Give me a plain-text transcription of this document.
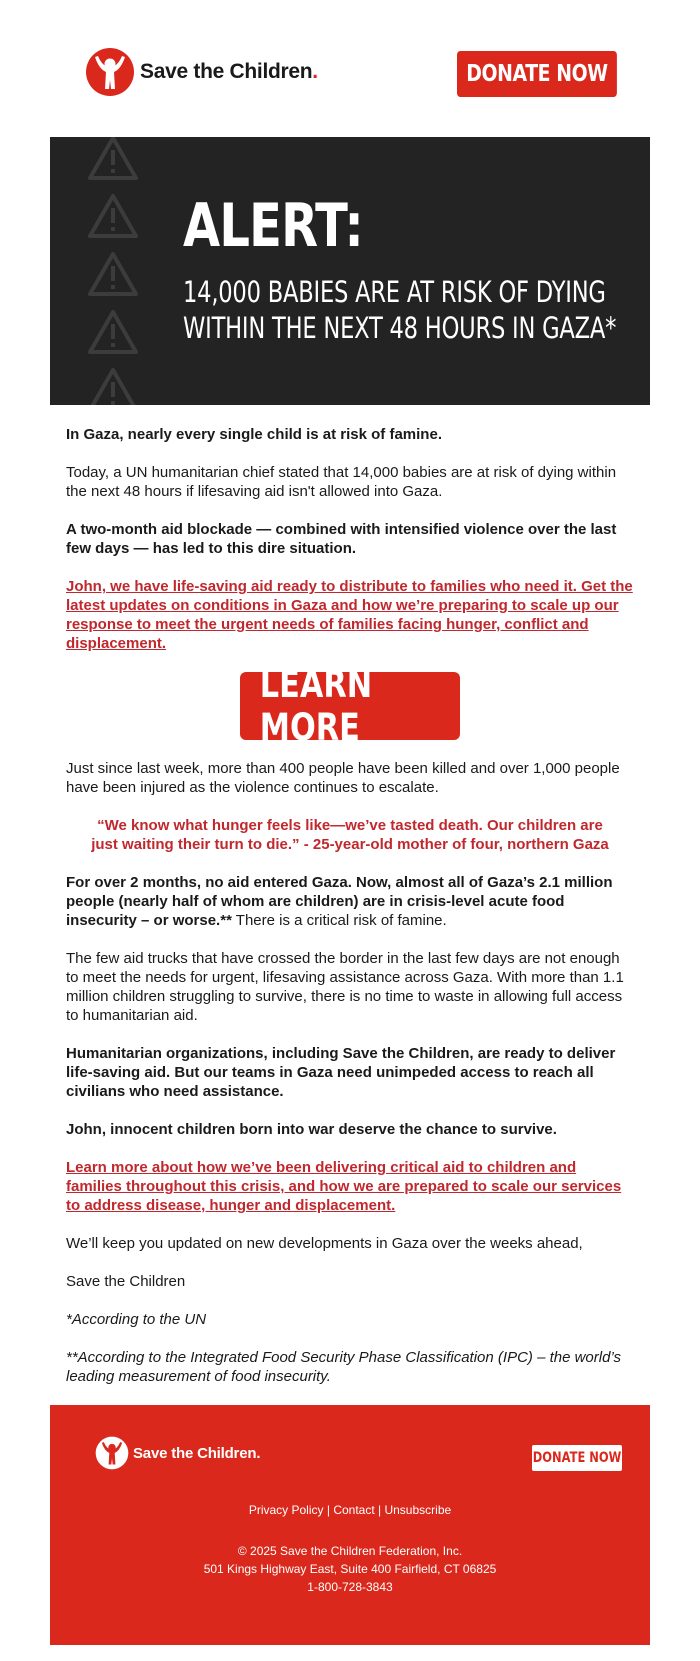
Save the Children.	DONATE NOW
ALERT:
14,000 BABIES ARE AT RISK OF DYING
WITHIN THE NEXT 48 HOURS IN GAZA*

In Gaza, nearly every single child is at risk of famine.

Today, a UN humanitarian chief stated that 14,000 babies are at risk of dying within the next 48 hours if lifesaving aid isn't allowed into Gaza.

A two-month aid blockade — combined with intensified violence over the last few days — has led to this dire situation.

John, we have life-saving aid ready to distribute to families who need it. Get the latest updates on conditions in Gaza and how we’re preparing to scale up our response to meet the urgent needs of families facing hunger, conflict and displacement.

LEARN MORE

Just since last week, more than 400 people have been killed and over 1,000 people have been injured as the violence continues to escalate.

“We know what hunger feels like—we’ve tasted death. Our children are just waiting their turn to die.” - 25-year-old mother of four, northern Gaza

For over 2 months, no aid entered Gaza. Now, almost all of Gaza’s 2.1 million people (nearly half of whom are children) are in crisis-level acute food insecurity – or worse.** There is a critical risk of famine.

The few aid trucks that have crossed the border in the last few days are not enough to meet the needs for urgent, lifesaving assistance across Gaza. With more than 1.1 million children struggling to survive, there is no time to waste in allowing full access to humanitarian aid.

Humanitarian organizations, including Save the Children, are ready to deliver life-saving aid. But our teams in Gaza need unimpeded access to reach all civilians who need assistance.

John, innocent children born into war deserve the chance to survive.

Learn more about how we’ve been delivering critical aid to children and families throughout this crisis, and how we are prepared to scale our services to address disease, hunger and displacement.

We’ll keep you updated on new developments in Gaza over the weeks ahead,

Save the Children

*According to the UN

**According to the Integrated Food Security Phase Classification (IPC) – the world’s leading measurement of food insecurity.

Save the Children.	DONATE NOW
Privacy Policy | Contact | Unsubscribe
© 2025 Save the Children Federation, Inc.
501 Kings Highway East, Suite 400 Fairfield, CT 06825
1-800-728-3843
